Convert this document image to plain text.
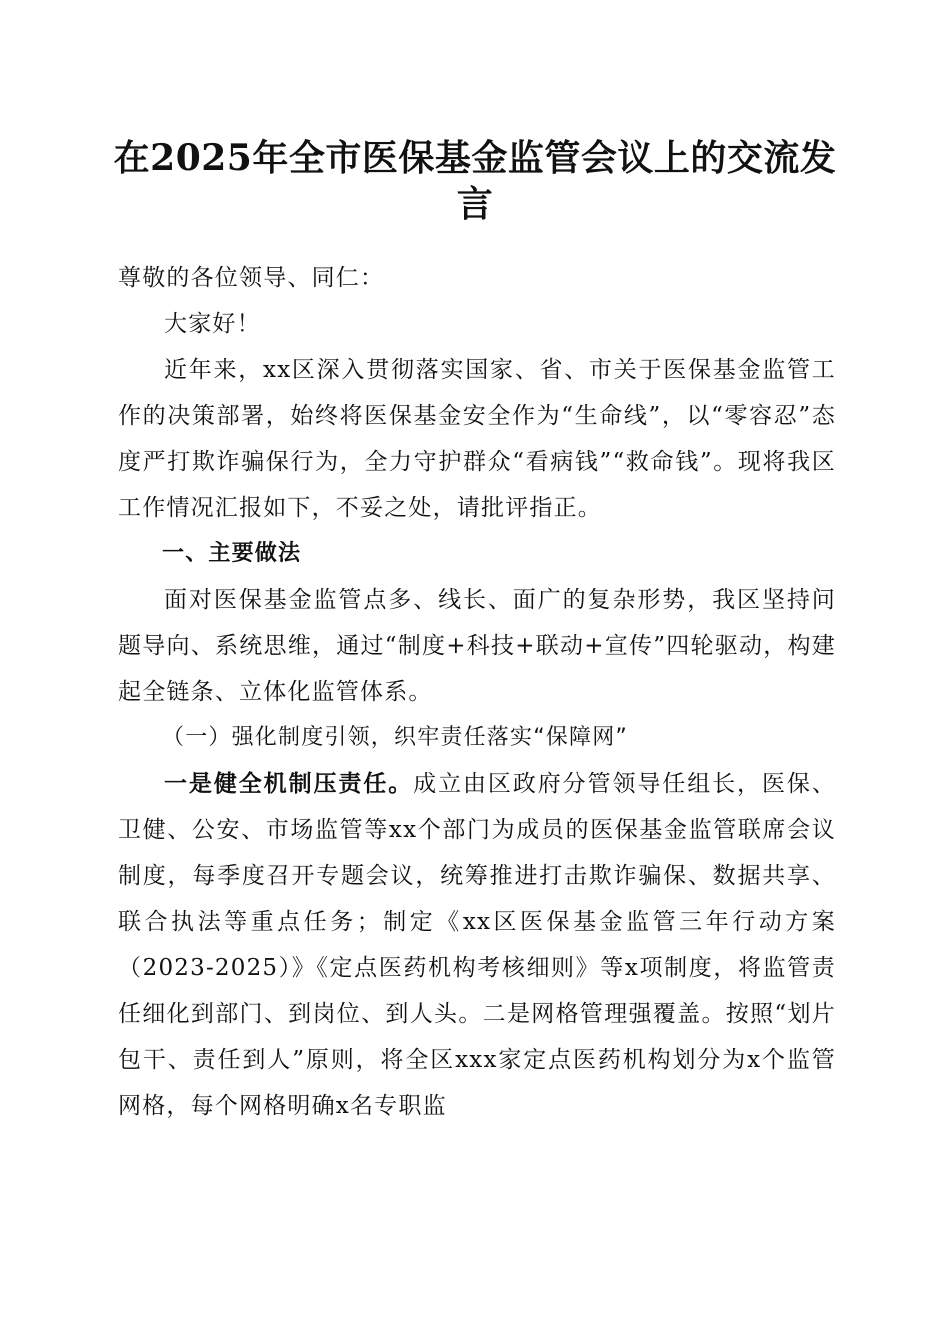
在2025年全市医保基金监管会议上的交流发言

尊敬的各位领导、同仁：

大家好！

近年来，xx区深入贯彻落实国家、省、市关于医保基金监管工作的决策部署，始终将医保基金安全作为“生命线”，以“零容忍”态度严打欺诈骗保行为，全力守护群众“看病钱”“救命钱”。现将我区工作情况汇报如下，不妥之处，请批评指正。

一、主要做法

面对医保基金监管点多、线长、面广的复杂形势，我区坚持问题导向、系统思维，通过“制度+科技+联动+宣传”四轮驱动，构建起全链条、立体化监管体系。

（一）强化制度引领，织牢责任落实“保障网”

一是健全机制压责任。成立由区政府分管领导任组长，医保、卫健、公安、市场监管等xx个部门为成员的医保基金监管联席会议制度，每季度召开专题会议，统筹推进打击欺诈骗保、数据共享、联合执法等重点任务；制定《xx区医保基金监管三年行动方案（2023-2025）》《定点医药机构考核细则》等x项制度，将监管责任细化到部门、到岗位、到人头。二是网格管理强覆盖。按照“划片包干、责任到人”原则，将全区xxx家定点医药机构划分为x个监管网格，每个网格明确x名专职监
